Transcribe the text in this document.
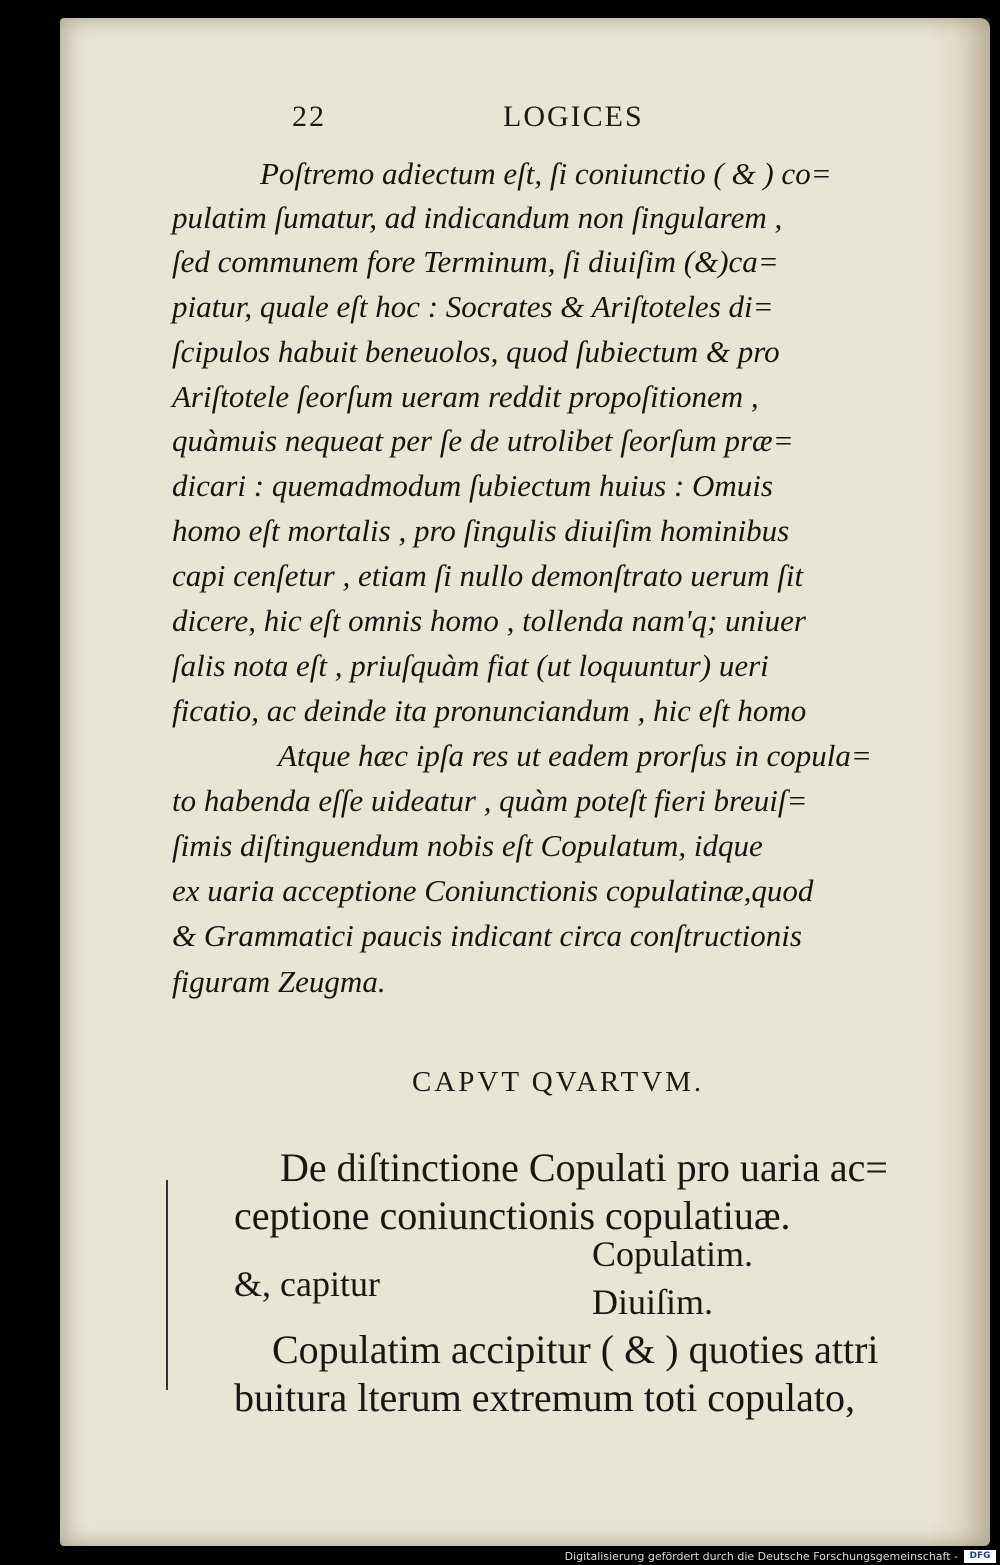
22	LOGICES
Poſtremo adiectum eſt, ſi coniunctio ( & ) co=
pulatim ſumatur, ad indicandum non ſingularem ,
ſed communem fore Terminum, ſi diuiſim (&)ca=
piatur, quale eſt hoc : Socrates & Ariſtoteles di=
ſcipulos habuit beneuolos, quod ſubiectum & pro
Ariſtotele ſeorſum ueram reddit propoſitionem ,
quàmuis nequeat per ſe de utrolibet ſeorſum præ=
dicari : quemadmodum ſubiectum huius : Omuis
homo eſt mortalis , pro ſingulis diuiſim hominibus
capi cenſetur , etiam ſi nullo demonſtrato uerum ſit
dicere, hic eſt omnis homo , tollenda nam'q; uniuer
ſalis nota eſt , priuſquàm fiat (ut loquuntur) ueri
ficatio, ac deinde ita pronunciandum , hic eſt homo
Atque hæc ipſa res ut eadem prorſus in copula=
to habenda eſſe uideatur , quàm poteſt fieri breuiſ=
ſimis diſtinguendum nobis eſt Copulatum, idque
ex uaria acceptione Coniunctionis copulatinæ,quod
& Grammatici paucis indicant circa conſtructionis
figuram Zeugma.
CAPVT QVARTVM.
De diſtinctione Copulati pro uaria ac=
ceptione coniunctionis copulatiuæ.
&, capitur
Copulatim.
Diuiſim.
Copulatim accipitur ( & ) quoties attri
buitura lterum extremum toti copulato,
Digitalisierung gefördert durch die Deutsche Forschungsgemeinschaft -	DFG
